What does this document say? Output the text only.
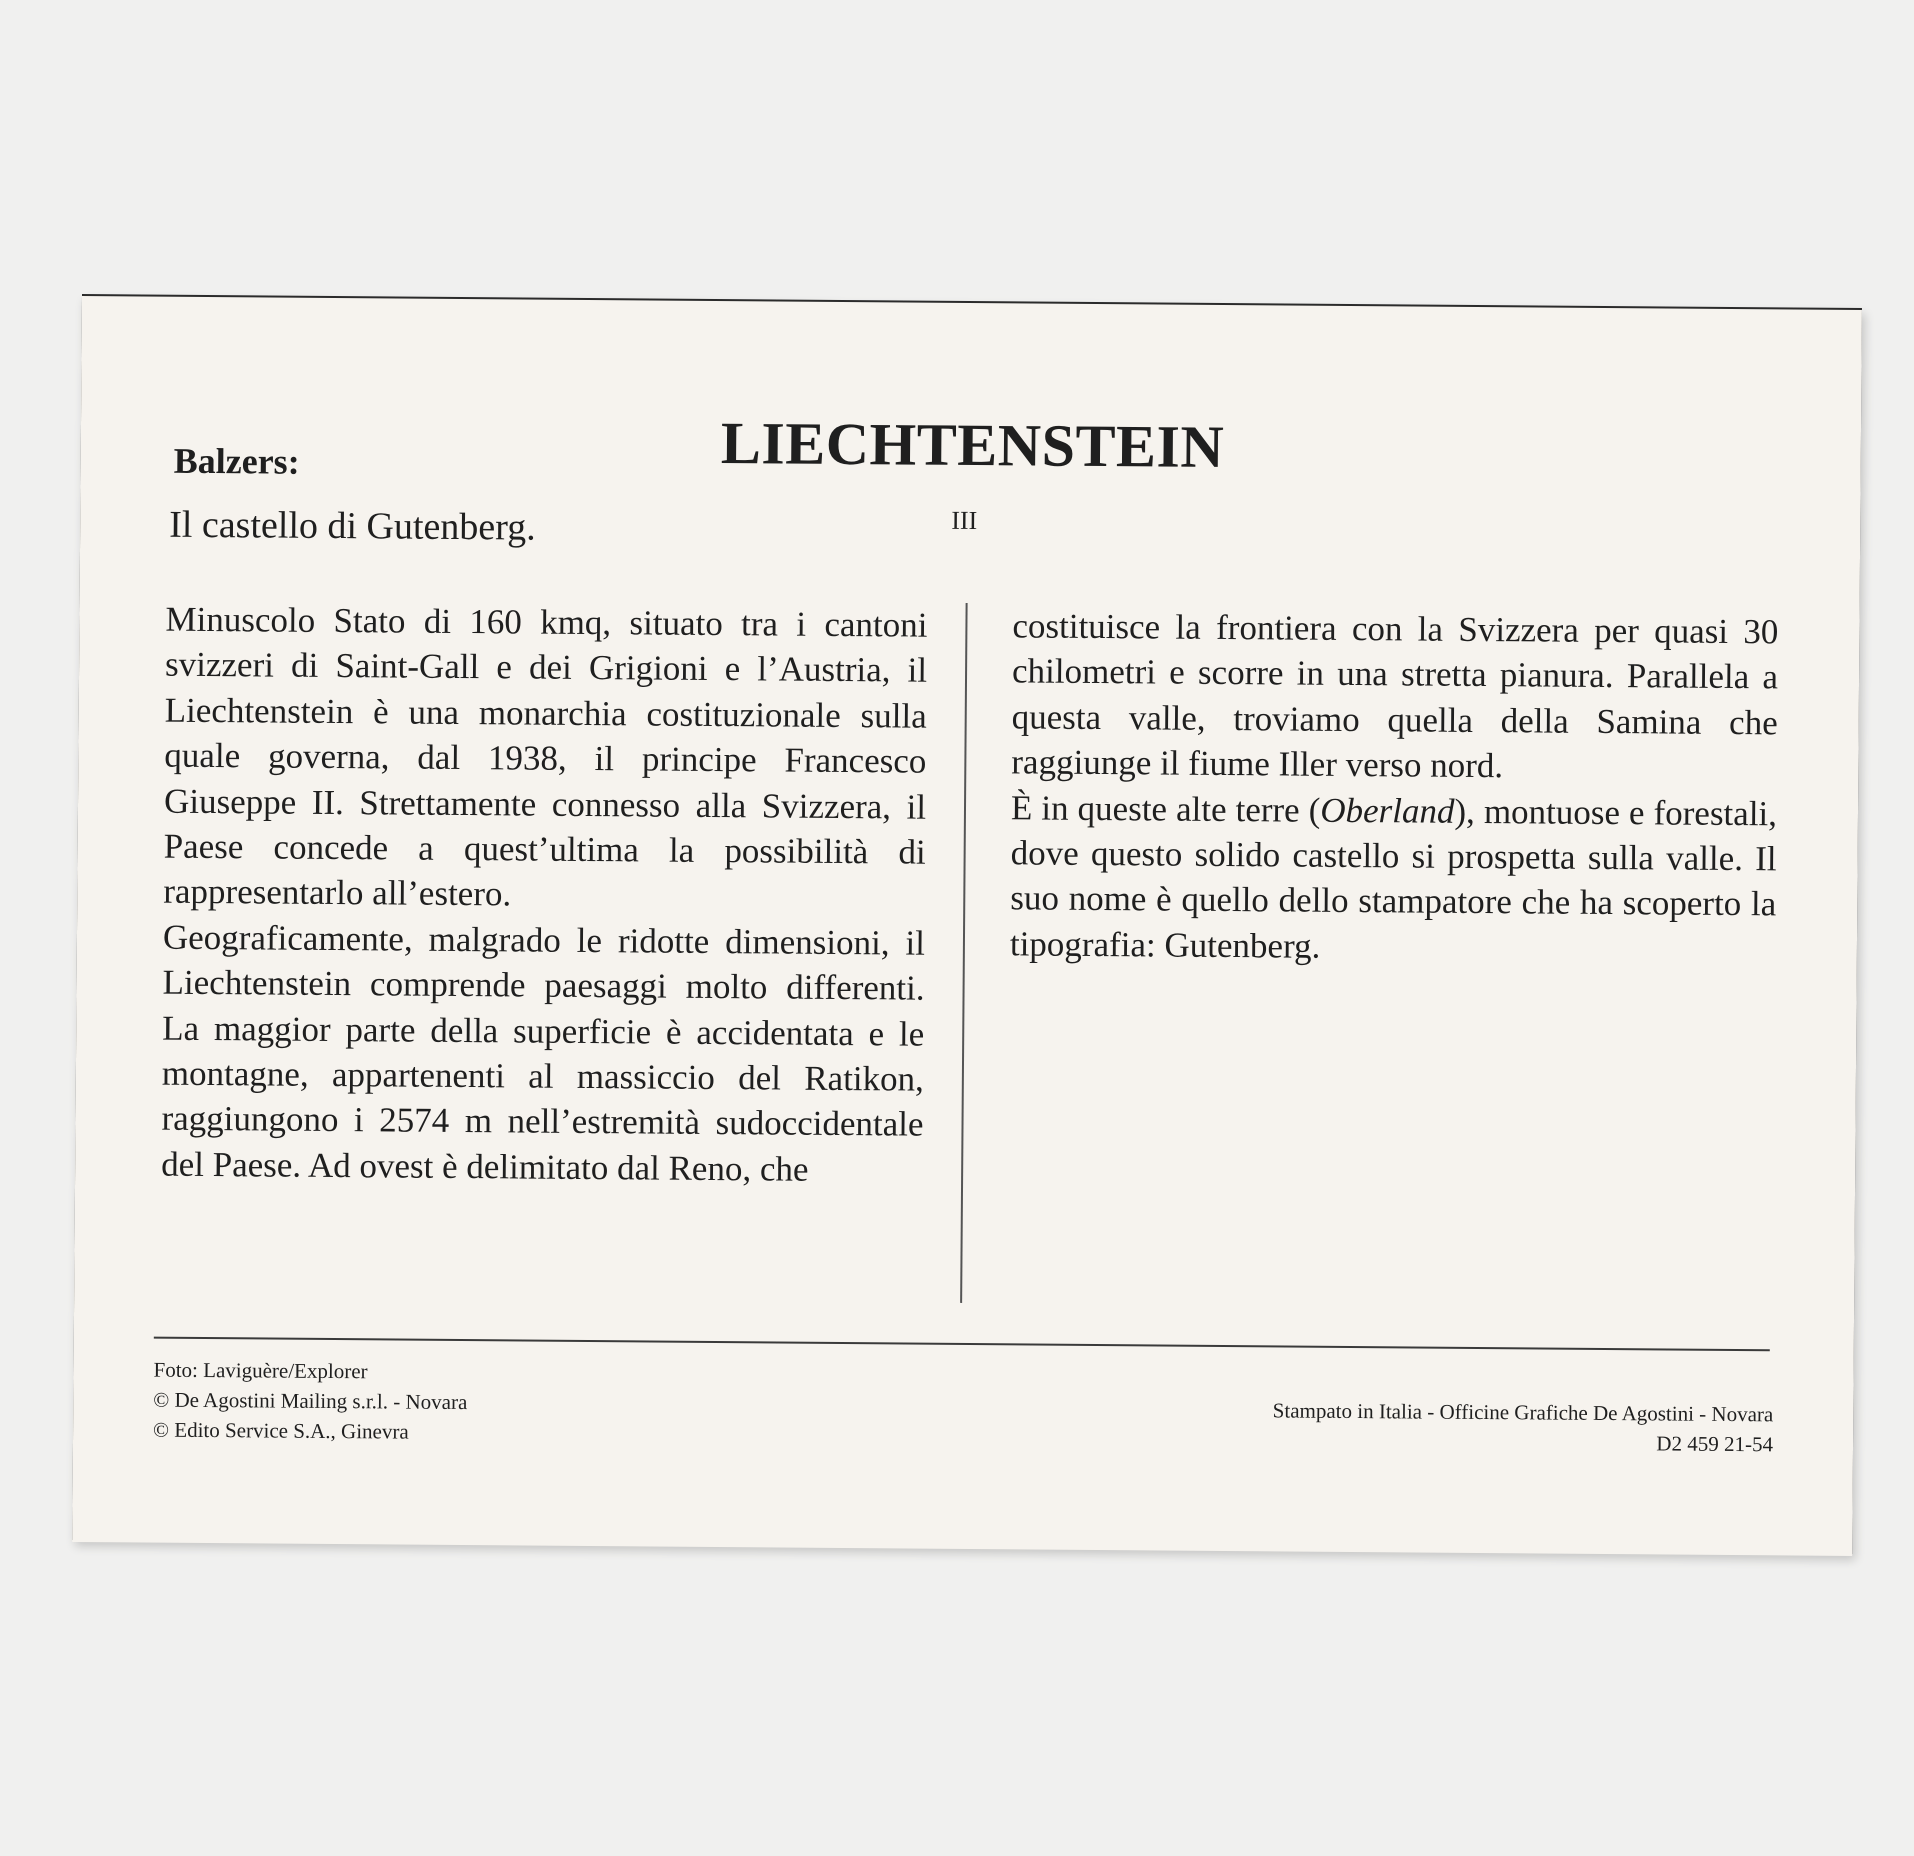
LIECHTENSTEIN
Balzers:
Il castello di Gutenberg.	III

Minuscolo Stato di 160 kmq, situato tra i cantoni svizzeri di Saint-Gall e dei Grigioni e l’Austria, il Liechtenstein è una monarchia costituzionale sulla quale governa, dal 1938, il principe Francesco Giuseppe II. Strettamente connesso alla Svizzera, il Paese concede a quest’ultima la possibilità di rappresentarlo all’estero.

Geograficamente, malgrado le ridotte dimensioni, il Liechtenstein comprende paesaggi molto differenti. La maggior parte della superficie è accidentata e le montagne, appartenenti al massiccio del Ratikon, raggiungono i 2574 m nell’estremità sudoccidentale del Paese. Ad ovest è delimitato dal Reno, che

costituisce la frontiera con la Svizzera per quasi 30 chilometri e scorre in una stretta pianura. Parallela a questa valle, troviamo quella della Samina che raggiunge il fiume Iller verso nord.

È in queste alte terre (Oberland), montuose e forestali, dove questo solido castello si prospetta sulla valle. Il suo nome è quello dello stampatore che ha scoperto la tipografia: Gutenberg.

Foto: Laviguère/Explorer
© De Agostini Mailing s.r.l. - Novara
© Edito Service S.A., Ginevra
Stampato in Italia - Officine Grafiche De Agostini - Novara
D2 459 21-54
